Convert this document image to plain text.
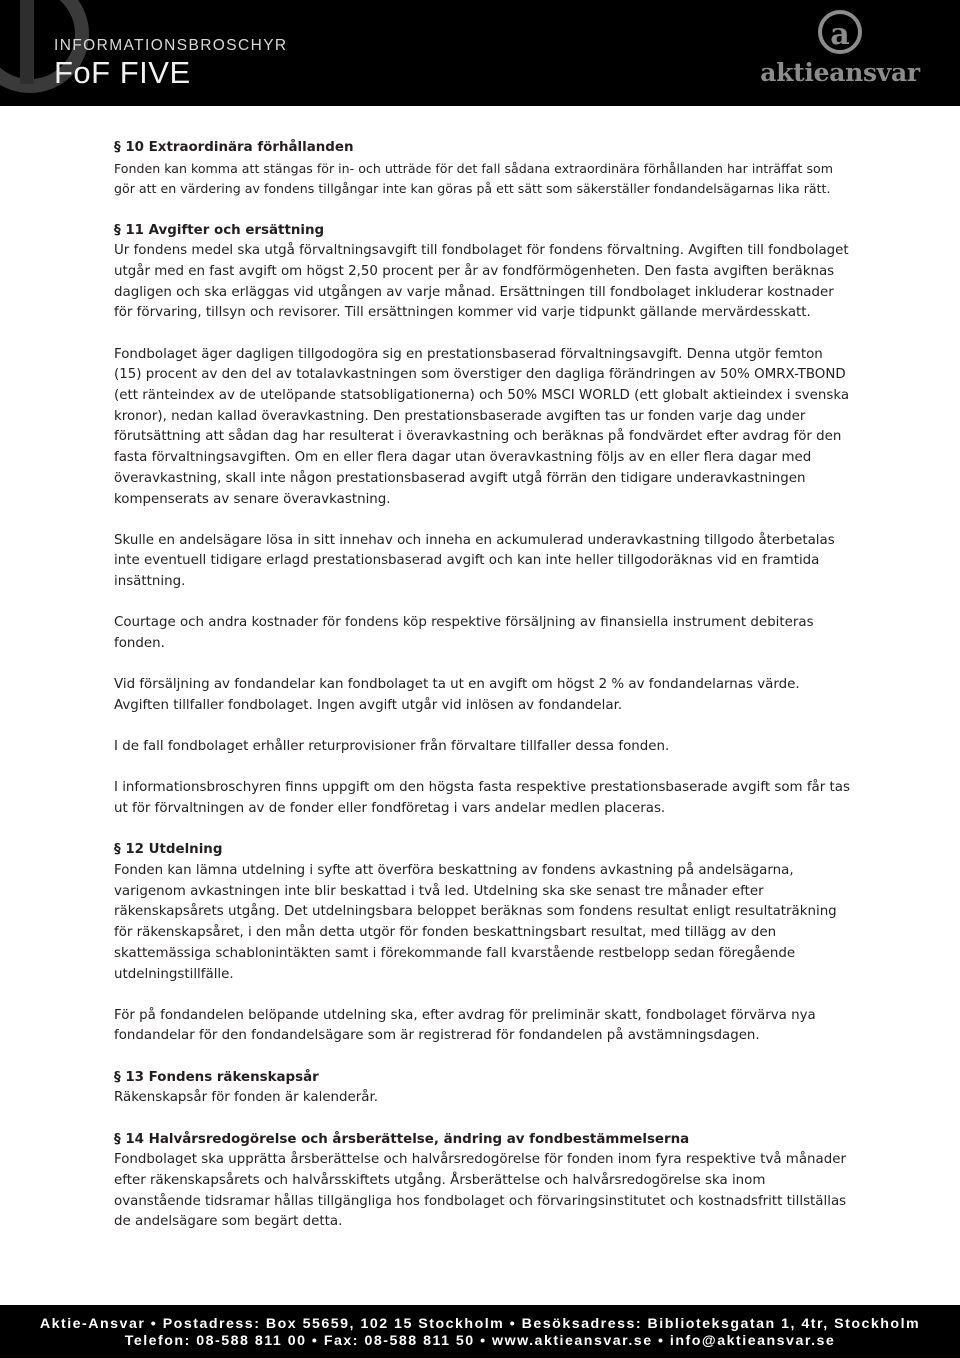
INFORMATIONSBROSCHYR
FoF FIVE
a
aktieansvar

§ 10 Extraordinära förhållanden

Fonden kan komma att stängas för in- och utträde för det fall sådana extraordinära förhållanden har inträffat som gör att en värdering av fondens tillgångar inte kan göras på ett sätt som säkerställer fondandelsägarnas lika rätt.

§ 11 Avgifter och ersättning

Ur fondens medel ska utgå förvaltningsavgift till fondbolaget för fondens förvaltning. Avgiften till fondbolaget utgår med en fast avgift om högst 2,50 procent per år av fondförmögenheten. Den fasta avgiften beräknas dagligen och ska erläggas vid utgången av varje månad. Ersättningen till fondbolaget inkluderar kostnader för förvaring, tillsyn och revisorer. Till ersättningen kommer vid varje tidpunkt gällande mervärdesskatt.

Fondbolaget äger dagligen tillgodogöra sig en prestationsbaserad förvaltningsavgift. Denna utgör femton (15) procent av den del av totalavkastningen som överstiger den dagliga förändringen av 50% OMRX-TBOND (ett ränteindex av de utelöpande statsobligationerna) och 50% MSCI WORLD (ett globalt aktieindex i svenska kronor), nedan kallad överavkastning. Den prestationsbaserade avgiften tas ur fonden varje dag under förutsättning att sådan dag har resulterat i överavkastning och beräknas på fondvärdet efter avdrag för den fasta förvaltningsavgiften. Om en eller flera dagar utan överavkastning följs av en eller flera dagar med överavkastning, skall inte någon prestationsbaserad avgift utgå förrän den tidigare underavkastningen kompenserats av senare överavkastning.

Skulle en andelsägare lösa in sitt innehav och inneha en ackumulerad underavkastning tillgodo återbetalas inte eventuell tidigare erlagd prestationsbaserad avgift och kan inte heller tillgodoräknas vid en framtida insättning.

Courtage och andra kostnader för fondens köp respektive försäljning av finansiella instrument debiteras fonden.

Vid försäljning av fondandelar kan fondbolaget ta ut en avgift om högst 2 % av fondandelarnas värde. Avgiften tillfaller fondbolaget. Ingen avgift utgår vid inlösen av fondandelar.

I de fall fondbolaget erhåller returprovisioner från förvaltare tillfaller dessa fonden.

I informationsbroschyren finns uppgift om den högsta fasta respektive prestationsbaserade avgift som får tas ut för förvaltningen av de fonder eller fondföretag i vars andelar medlen placeras.

§ 12 Utdelning

Fonden kan lämna utdelning i syfte att överföra beskattning av fondens avkastning på andelsägarna, varigenom avkastningen inte blir beskattad i två led. Utdelning ska ske senast tre månader efter räkenskapsårets utgång. Det utdelningsbara beloppet beräknas som fondens resultat enligt resultaträkning för räkenskapsåret, i den mån detta utgör för fonden beskattningsbart resultat, med tillägg av den skattemässiga schablonintäkten samt i förekommande fall kvarstående restbelopp sedan föregående utdelningstillfälle.

För på fondandelen belöpande utdelning ska, efter avdrag för preliminär skatt, fondbolaget förvärva nya fondandelar för den fondandelsägare som är registrerad för fondandelen på avstämningsdagen.

§ 13 Fondens räkenskapsår

Räkenskapsår för fonden är kalenderår.

§ 14 Halvårsredogörelse och årsberättelse, ändring av fondbestämmelserna

Fondbolaget ska upprätta årsberättelse och halvårsredogörelse för fonden inom fyra respektive två månader efter räkenskapsårets och halvårsskiftets utgång. Årsberättelse och halvårsredogörelse ska inom ovanstående tidsramar hållas tillgängliga hos fondbolaget och förvaringsinstitutet och kostnadsfritt tillställas de andelsägare som begärt detta.

Aktie-Ansvar • Postadress: Box 55659, 102 15 Stockholm • Besöksadress: Biblioteksgatan 1, 4tr, Stockholm
Telefon: 08-588 811 00 • Fax: 08-588 811 50 • www.aktieansvar.se • info@aktieansvar.se
